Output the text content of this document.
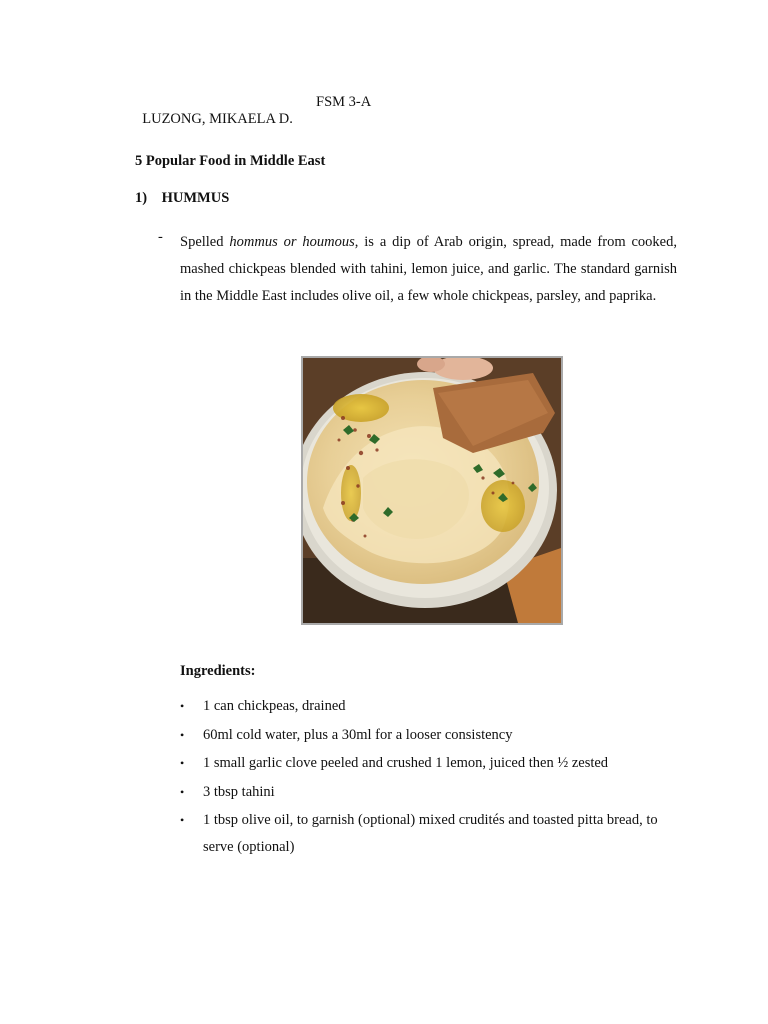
LUZONG, MIKAELA D.

FSM 3-A

5 Popular Food in Middle East
1) HUMMUS
- Spelled hommus or houmous, is a dip of Arab origin, spread, made from cooked, mashed chickpeas blended with tahini, lemon juice, and garlic. The standard garnish in the Middle East includes olive oil, a few whole chickpeas, parsley, and paprika.
Ingredients:
• 1 can chickpeas, drained
• 60ml cold water, plus a 30ml for a looser consistency
• 1 small garlic clove peeled and crushed 1 lemon, juiced then ½ zested
• 3 tbsp tahini
• 1 tbsp olive oil, to garnish (optional) mixed crudités and toasted pitta bread, to serve (optional)
